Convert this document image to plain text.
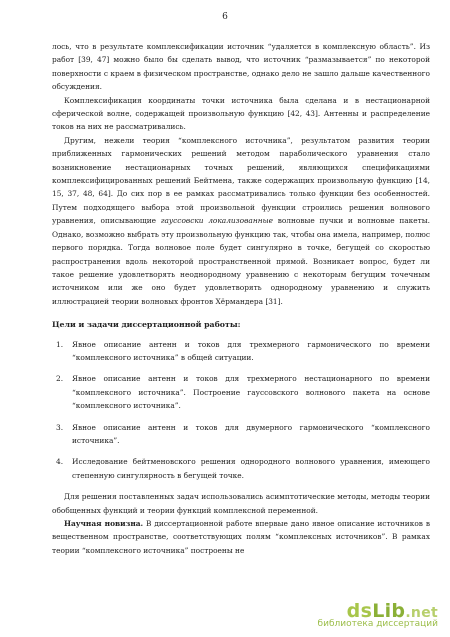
6

лось, что в результате комплексификации источник “удаляется в комплексную область”. Из работ [39, 47] можно было бы сделать вывод, что источник “размазывается” по некоторой поверхности с краем в физическом пространстве, однако дело не зашло дальше качественного обсуждения.

Комплексификация координаты точки источника была сделана и в нестационарной сферической волне, содержащей произвольную функцию [42, 43]. Антенны и распределение токов на них не рассматривались.

Другим, нежели теория “комплексного источника”, результатом развития теории приближенных гармонических решений методом параболического уравнения стало возникновение нестационарных точных решений, являющихся спецификациями комплексифицированных решений Бейтмена, также содержащих произвольную функцию [14, 15, 37, 48, 64]. До сих пор в ее рамках рассматривались только функции без особенностей. Путем подходящего выбора этой произвольной функции строились решения волнового уравнения, описывающие гауссовски локализованные волновые пучки и волновые пакеты. Однако, возможно выбрать эту произвольную функцию так, чтобы она имела, например, полюс первого порядка. Тогда волновое поле будет сингулярно в точке, бегущей со скоростью распространения вдоль некоторой пространственной прямой. Возникает вопрос, будет ли такое решение удовлетворять неоднородному уравнению с некоторым бегущим точечным источником или же оно будет удовлетворять однородному уравнению и служить иллюстрацией теории волновых фронтов Хёрмандера [31].

Цели и задачи диссертационной работы:

1. Явное описание антенн и токов для трехмерного гармонического по времени “комплексного источника” в общей ситуации.
2. Явное описание антенн и токов для трехмерного нестационарного по времени “комплексного источника”. Построение гауссовского волнового пакета на основе “комплексного источника”.
3. Явное описание антенн и токов для двумерного гармонического “комплексного источника”.
4. Исследование бейтменовского решения однородного волнового уравнения, имеющего степенную сингулярность в бегущей точке.

Для решения поставленных задач использовались асимптотические методы, методы теории обобщенных функций и теории функций комплексной переменной.

Научная новизна. В диссертационной работе впервые дано явное описание источников в вещественном пространстве, соответствующих полям “комплексных источников”. В рамках теории “комплексного источника” построены не

dsLib.net
библиотека диссертаций
